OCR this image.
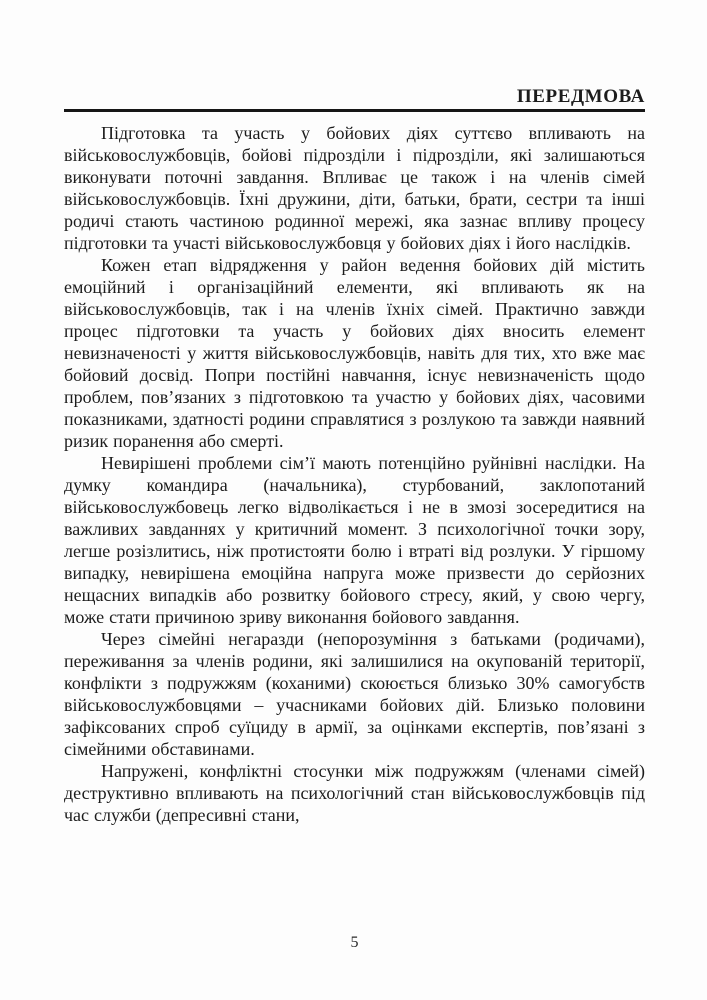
ПЕРЕДМОВА

Підготовка та участь у бойових діях суттєво впливають на військовослужбовців, бойові підрозділи і підрозділи, які залишаються виконувати поточні завдання. Впливає це також і на членів сімей військовослужбовців. Їхні дружини, діти, батьки, брати, сестри та інші родичі стають частиною родинної мережі, яка зазнає впливу процесу підготовки та участі військовослужбовця у бойових діях і його наслідків.

Кожен етап відрядження у район ведення бойових дій містить емоційний і організаційний елементи, які впливають як на військовослужбовців, так і на членів їхніх сімей. Практично завжди процес підготовки та участь у бойових діях вносить елемент невизначеності у життя військовослужбовців, навіть для тих, хто вже має бойовий досвід. Попри постійні навчання, існує невизначеність щодо проблем, пов’язаних з підготовкою та участю у бойових діях, часовими показниками, здатності родини справлятися з розлукою та завжди наявний ризик поранення або смерті.

Невирішені проблеми сім’ї мають потенційно руйнівні наслідки. На думку командира (начальника), стурбований, заклопотаний військовослужбовець легко відволікається і не в змозі зосередитися на важливих завданнях у критичний момент. З психологічної точки зору, легше розізлитись, ніж протистояти болю і втраті від розлуки. У гіршому випадку, невирішена емоційна напруга може призвести до серйозних нещасних випадків або розвитку бойового стресу, який, у свою чергу, може стати причиною зриву виконання бойового завдання.

Через сімейні негаразди (непорозуміння з батьками (родичами), переживання за членів родини, які залишилися на окупованій території, конфлікти з подружжям (коханими) скоюється близько 30% самогубств військовослужбовцями – учасниками бойових дій. Близько половини зафіксованих спроб суїциду в армії, за оцінками експертів, пов’язані з сімейними обставинами.

Напружені, конфліктні стосунки між подружжям (членами сімей) деструктивно впливають на психологічний стан військовослужбовців під час служби (депресивні стани,

5
